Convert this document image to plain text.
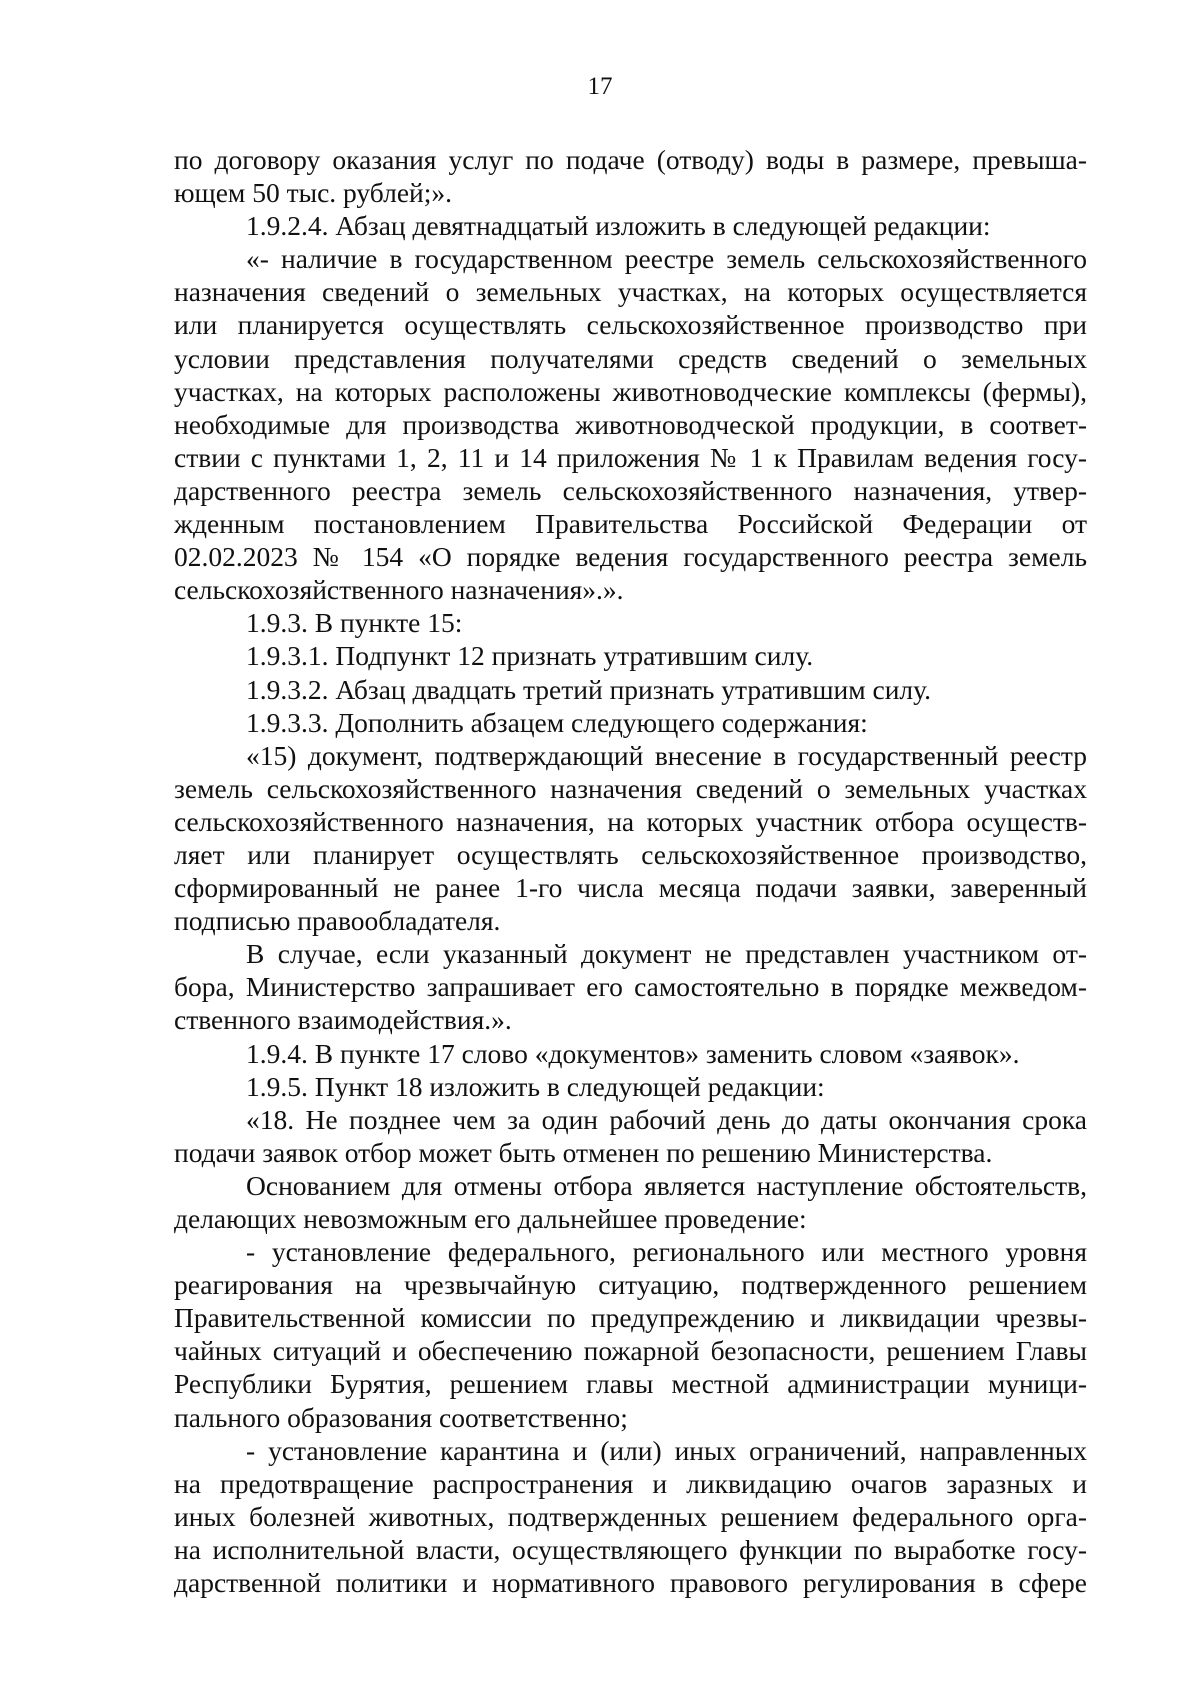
17
по договору оказания услуг по подаче (отводу) воды в размере, превыша-
ющем 50 тыс. рублей;».
1.9.2.4. Абзац девятнадцатый изложить в следующей редакции:
«- наличие в государственном реестре земель сельскохозяйственного
назначения сведений о земельных участках, на которых осуществляется
или планируется осуществлять сельскохозяйственное производство при
условии представления получателями средств сведений о земельных
участках, на которых расположены животноводческие комплексы (фермы),
необходимые для производства животноводческой продукции, в соответ-
ствии с пунктами 1, 2, 11 и 14 приложения № 1 к Правилам ведения госу-
дарственного реестра земель сельскохозяйственного назначения, утвер-
жденным постановлением Правительства Российской Федерации от
02.02.2023 № 154 «О порядке ведения государственного реестра земель
сельскохозяйственного назначения».».
1.9.3. В пункте 15:
1.9.3.1. Подпункт 12 признать утратившим силу.
1.9.3.2. Абзац двадцать третий признать утратившим силу.
1.9.3.3. Дополнить абзацем следующего содержания:
«15) документ, подтверждающий внесение в государственный реестр
земель сельскохозяйственного назначения сведений о земельных участках
сельскохозяйственного назначения, на которых участник отбора осуществ-
ляет или планирует осуществлять сельскохозяйственное производство,
сформированный не ранее 1-го числа месяца подачи заявки, заверенный
подписью правообладателя.
В случае, если указанный документ не представлен участником от-
бора, Министерство запрашивает его самостоятельно в порядке межведом-
ственного взаимодействия.».
1.9.4. В пункте 17 слово «документов» заменить словом «заявок».
1.9.5. Пункт 18 изложить в следующей редакции:
«18. Не позднее чем за один рабочий день до даты окончания срока
подачи заявок отбор может быть отменен по решению Министерства.
Основанием для отмены отбора является наступление обстоятельств,
делающих невозможным его дальнейшее проведение:
- установление федерального, регионального или местного уровня
реагирования на чрезвычайную ситуацию, подтвержденного решением
Правительственной комиссии по предупреждению и ликвидации чрезвы-
чайных ситуаций и обеспечению пожарной безопасности, решением Главы
Республики Бурятия, решением главы местной администрации муници-
пального образования соответственно;
- установление карантина и (или) иных ограничений, направленных
на предотвращение распространения и ликвидацию очагов заразных и
иных болезней животных, подтвержденных решением федерального орга-
на исполнительной власти, осуществляющего функции по выработке госу-
дарственной политики и нормативного правового регулирования в сфере
